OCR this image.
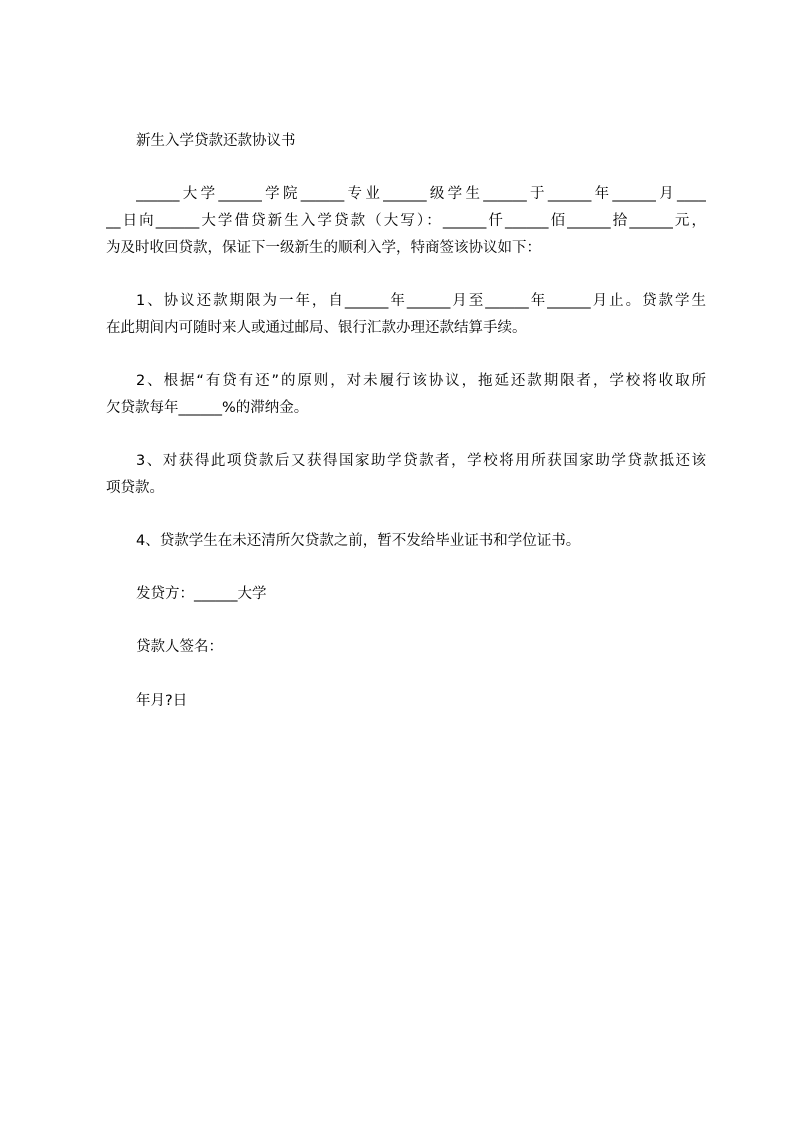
新生入学贷款还款协议书
______大学______学院______专业______级学生______于______年______月____
__日向______大学借贷新生入学贷款（大写）：______仟______佰______拾______元，
为及时收回贷款，保证下一级新生的顺利入学，特商签该协议如下：
1、协议还款期限为一年，自______年______月至______年______月止。贷款学生
在此期间内可随时来人或通过邮局、银行汇款办理还款结算手续。
2、根据“有贷有还”的原则，对未履行该协议，拖延还款期限者，学校将收取所
欠贷款每年______%的滞纳金。
3、对获得此项贷款后又获得国家助学贷款者，学校将用所获国家助学贷款抵还该
项贷款。
4、贷款学生在未还清所欠贷款之前，暂不发给毕业证书和学位证书。
发贷方：______大学
贷款人签名：
年月?日
